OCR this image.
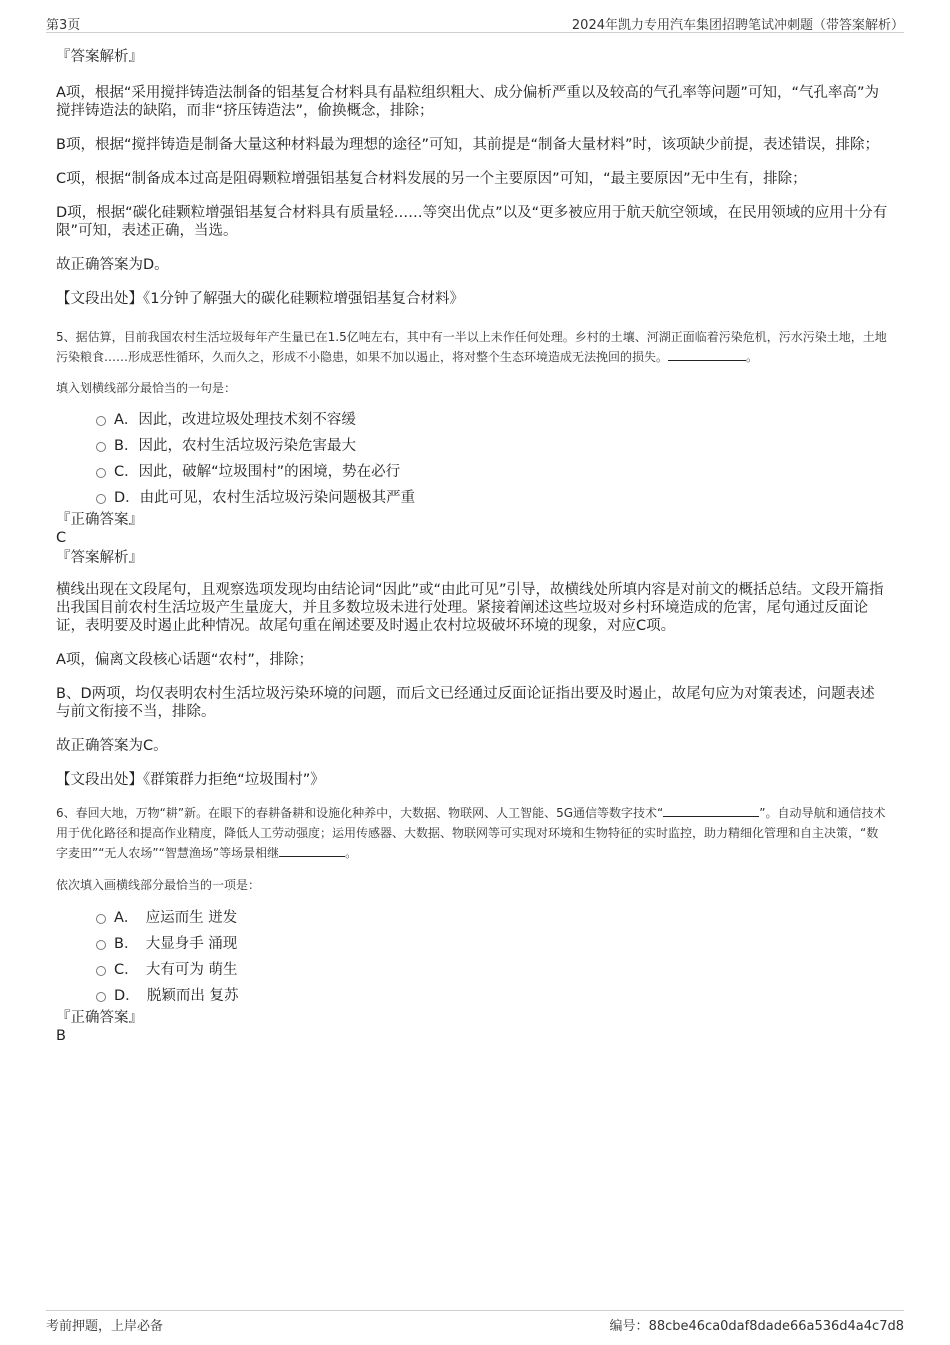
第3页	2024年凯力专用汽车集团招聘笔试冲刺题（带答案解析）

『答案解析』

A项，根据“采用搅拌铸造法制备的铝基复合材料具有晶粒组织粗大、成分偏析严重以及较高的气孔率等问题”可知，“气孔率高”为搅拌铸造法的缺陷，而非“挤压铸造法”，偷换概念，排除；

B项，根据“搅拌铸造是制备大量这种材料最为理想的途径”可知，其前提是“制备大量材料”时，该项缺少前提，表述错误，排除；

C项，根据“制备成本过高是阻碍颗粒增强铝基复合材料发展的另一个主要原因”可知，“最主要原因”无中生有，排除；

D项，根据“碳化硅颗粒增强铝基复合材料具有质量轻……等突出优点”以及“更多被应用于航天航空领域，在民用领域的应用十分有限”可知，表述正确，当选。

故正确答案为D。

【文段出处】《1分钟了解强大的碳化硅颗粒增强铝基复合材料》

5、据估算，目前我国农村生活垃圾每年产生量已在1.5亿吨左右，其中有一半以上未作任何处理。乡村的土壤、河湖正面临着污染危机，污水污染土地，土地污染粮食……形成恶性循环，久而久之，形成不小隐患，如果不加以遏止，将对整个生态环境造成无法挽回的损失。	。

填入划横线部分最恰当的一句是：

A．因此，改进垃圾处理技术刻不容缓
B．因此，农村生活垃圾污染危害最大
C．因此，破解“垃圾围村”的困境，势在必行
D．由此可见，农村生活垃圾污染问题极其严重

『正确答案』

C

『答案解析』

横线出现在文段尾句，且观察选项发现均由结论词“因此”或“由此可见”引导，故横线处所填内容是对前文的概括总结。文段开篇指出我国目前农村生活垃圾产生量庞大，并且多数垃圾未进行处理。紧接着阐述这些垃圾对乡村环境造成的危害，尾句通过反面论证，表明要及时遏止此种情况。故尾句重在阐述要及时遏止农村垃圾破坏环境的现象，对应C项。

A项，偏离文段核心话题“农村”，排除；

B、D两项，均仅表明农村生活垃圾污染环境的问题，而后文已经通过反面论证指出要及时遏止，故尾句应为对策表述，问题表述与前文衔接不当，排除。

故正确答案为C。

【文段出处】《群策群力拒绝“垃圾围村”》

6、春回大地，万物“耕”新。在眼下的春耕备耕和设施化种养中，大数据、物联网、人工智能、5G通信等数字技术“	”。自动导航和通信技术用于优化路径和提高作业精度，降低人工劳动强度；运用传感器、大数据、物联网等可实现对环境和生物特征的实时监控，助力精细化管理和自主决策，“数字麦田”“无人农场”“智慧渔场”等场景相继	。

依次填入画横线部分最恰当的一项是：

A．　应运而生 迸发
B．　大显身手 涌现
C．　大有可为 萌生
D．　脱颖而出 复苏

『正确答案』

B

考前押题，上岸必备	编号：88cbe46ca0daf8dade66a536d4a4c7d8
